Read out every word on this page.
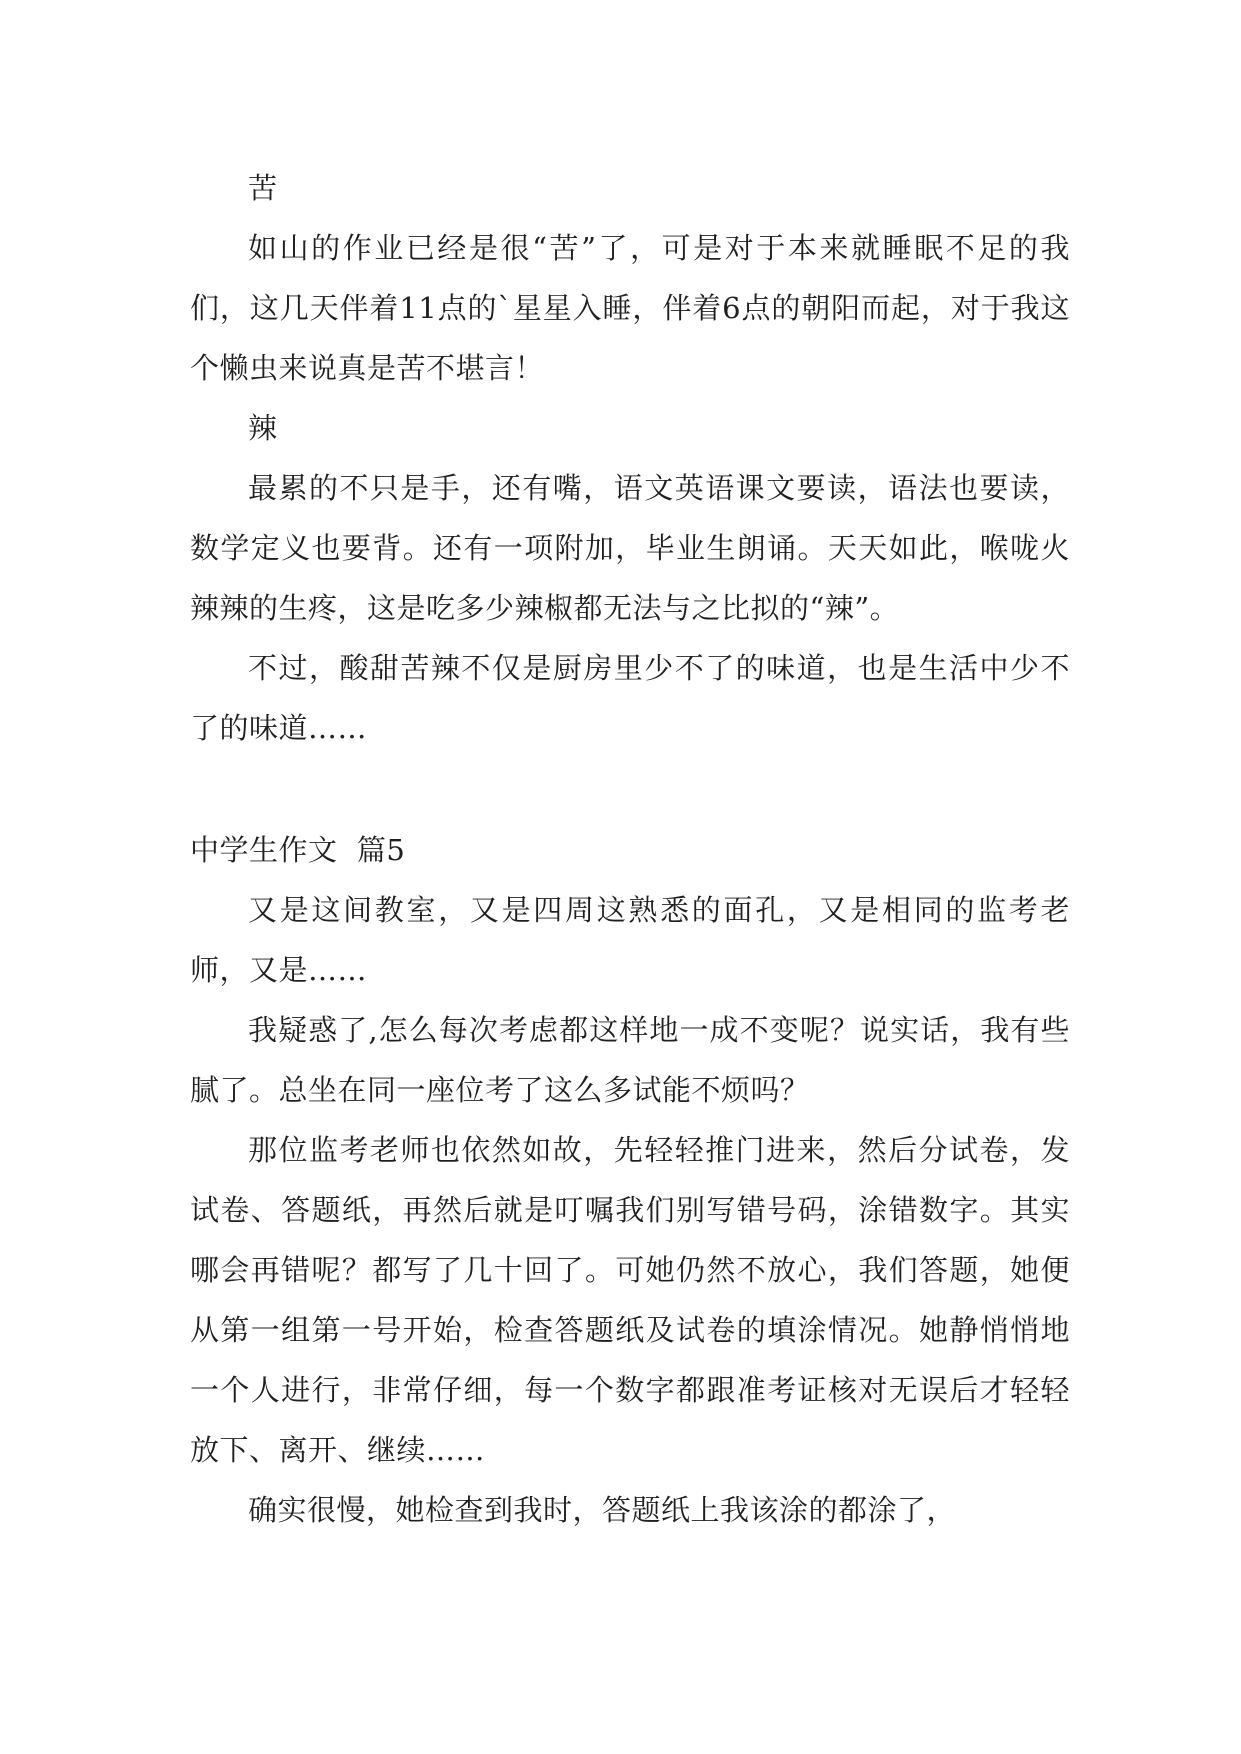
苦

如山的作业已经是很“苦”了，可是对于本来就睡眠不足的我们，这几天伴着11点的`星星入睡，伴着6点的朝阳而起，对于我这个懒虫来说真是苦不堪言！

辣

最累的不只是手，还有嘴，语文英语课文要读，语法也要读，数学定义也要背。还有一项附加，毕业生朗诵。天天如此，喉咙火辣辣的生疼，这是吃多少辣椒都无法与之比拟的“辣”。

不过，酸甜苦辣不仅是厨房里少不了的味道，也是生活中少不了的味道……

中学生作文  篇5

又是这间教室，又是四周这熟悉的面孔，又是相同的监考老师，又是……

我疑惑了,怎么每次考虑都这样地一成不变呢？说实话，我有些腻了。总坐在同一座位考了这么多试能不烦吗？

那位监考老师也依然如故，先轻轻推门进来，然后分试卷，发试卷、答题纸，再然后就是叮嘱我们别写错号码，涂错数字。其实哪会再错呢？都写了几十回了。可她仍然不放心，我们答题，她便从第一组第一号开始，检查答题纸及试卷的填涂情况。她静悄悄地一个人进行，非常仔细，每一个数字都跟准考证核对无误后才轻轻放下、离开、继续……

确实很慢，她检查到我时，答题纸上我该涂的都涂了，
